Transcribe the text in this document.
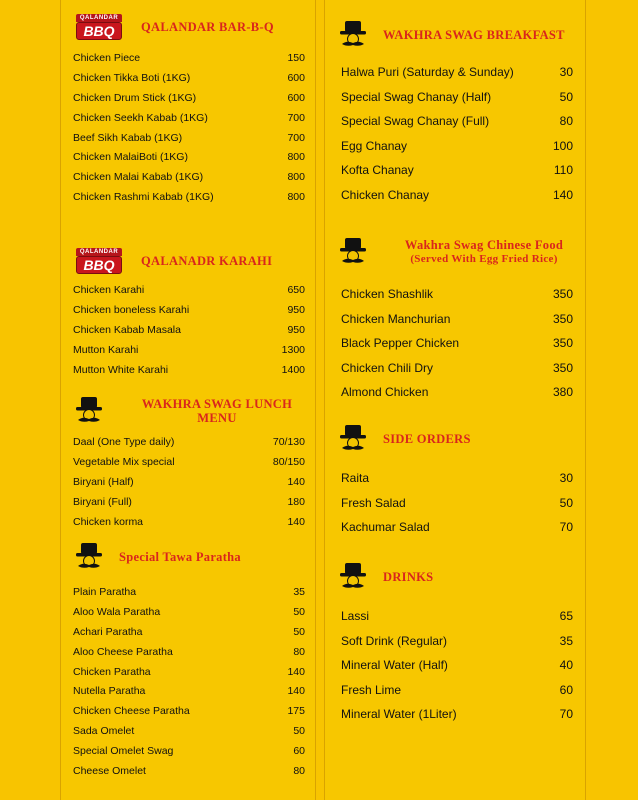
QALANDAR
BBQ	QALANDAR BAR-B-Q
Chicken Piece	150
Chicken Tikka Boti (1KG)	600
Chicken Drum Stick (1KG)	600
Chicken Seekh Kabab (1KG)	700
Beef Sikh Kabab (1KG)	700
Chicken MalaiBoti (1KG)	800
Chicken Malai Kabab (1KG)	800
Chicken Rashmi Kabab (1KG)	800
QALANDAR
BBQ	QALANADR KARAHI
Chicken Karahi	650
Chicken boneless Karahi	950
Chicken Kabab Masala	950
Mutton Karahi	1300
Mutton White Karahi	1400
WAKHRA SWAG LUNCH
MENU
Daal (One Type daily)	70/130
Vegetable Mix special	80/150
Biryani (Half)	140
Biryani (Full)	180
Chicken korma	140
Special Tawa Paratha
Plain Paratha	35
Aloo Wala Paratha	50
Achari Paratha	50
Aloo Cheese Paratha	80
Chicken Paratha	140
Nutella Paratha	140
Chicken Cheese Paratha	175
Sada Omelet	50
Special Omelet Swag	60
Cheese Omelet	80
WAKHRA SWAG BREAKFAST
Halwa Puri (Saturday & Sunday)	30
Special Swag Chanay (Half)	50
Special Swag Chanay (Full)	80
Egg Chanay	100
Kofta Chanay	110
Chicken Chanay	140
Wakhra Swag Chinese Food
(Served With Egg Fried Rice)
Chicken Shashlik	350
Chicken Manchurian	350
Black Pepper Chicken	350
Chicken Chili Dry	350
Almond Chicken	380
SIDE ORDERS
Raita	30
Fresh Salad	50
Kachumar Salad	70
DRINKS
Lassi	65
Soft Drink (Regular)	35
Mineral Water (Half)	40
Fresh Lime	60
Mineral Water (1Liter)	70
